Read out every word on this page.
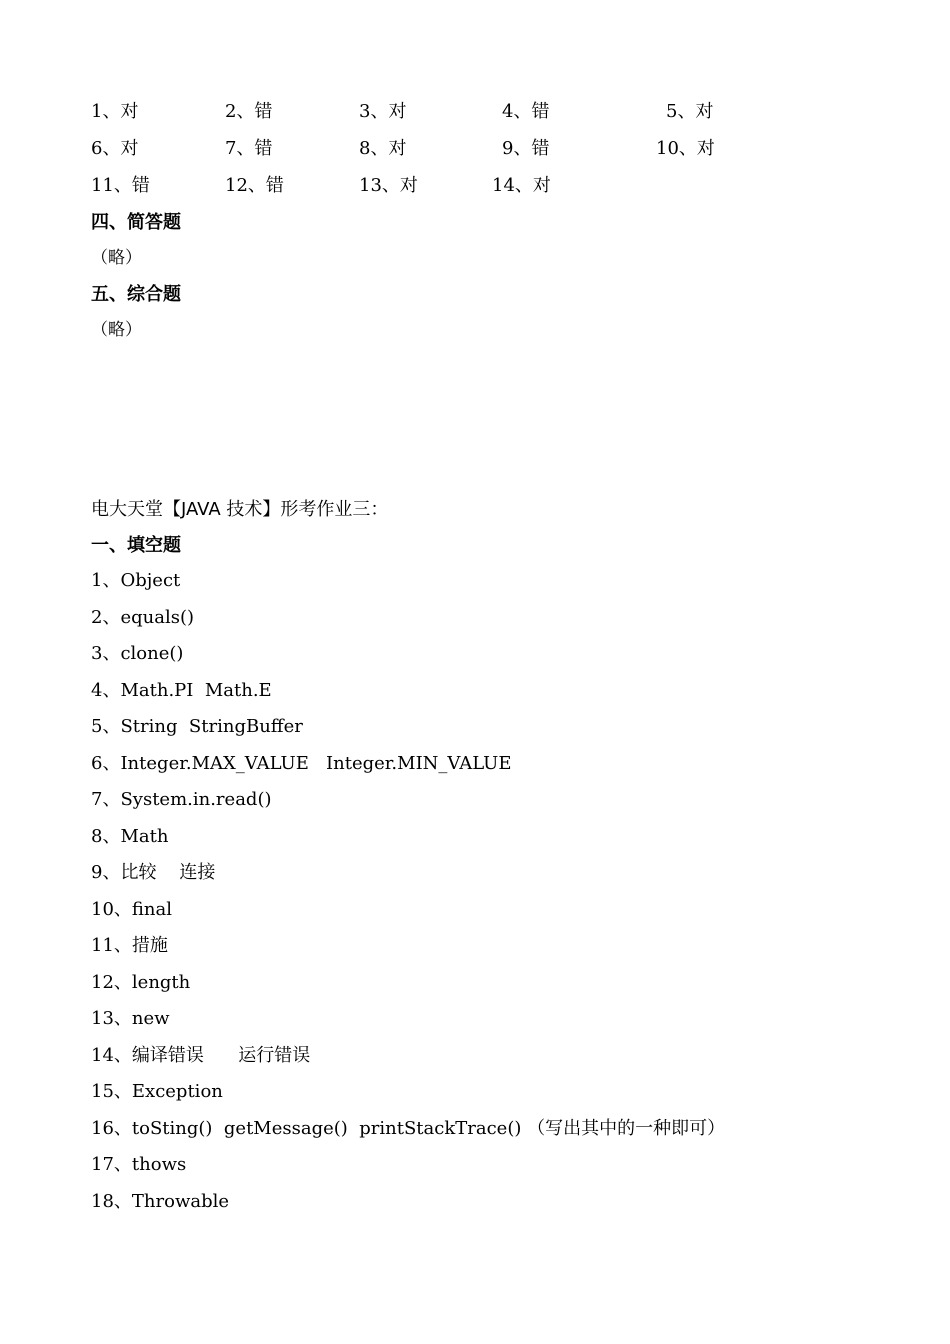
1、对	2、错	3、对	4、错	5、对
6、对	7、错	8、对	9、错	10、对
11、错	12、错	13、对	14、对
四、简答题
（略）
五、综合题
（略）
电大天堂【JAVA 技术】形考作业三：
一、填空题
1、Object
2、equals()
3、clone()
4、Math.PI  Math.E
5、String  StringBuffer
6、Integer.MAX_VALUE   Integer.MIN_VALUE
7、System.in.read()
8、Math
9、比较    连接
10、final
11、措施
12、length
13、new
14、编译错误      运行错误
15、Exception
16、toSting()  getMessage()  printStackTrace() （写出其中的一种即可）
17、thows
18、Throwable
